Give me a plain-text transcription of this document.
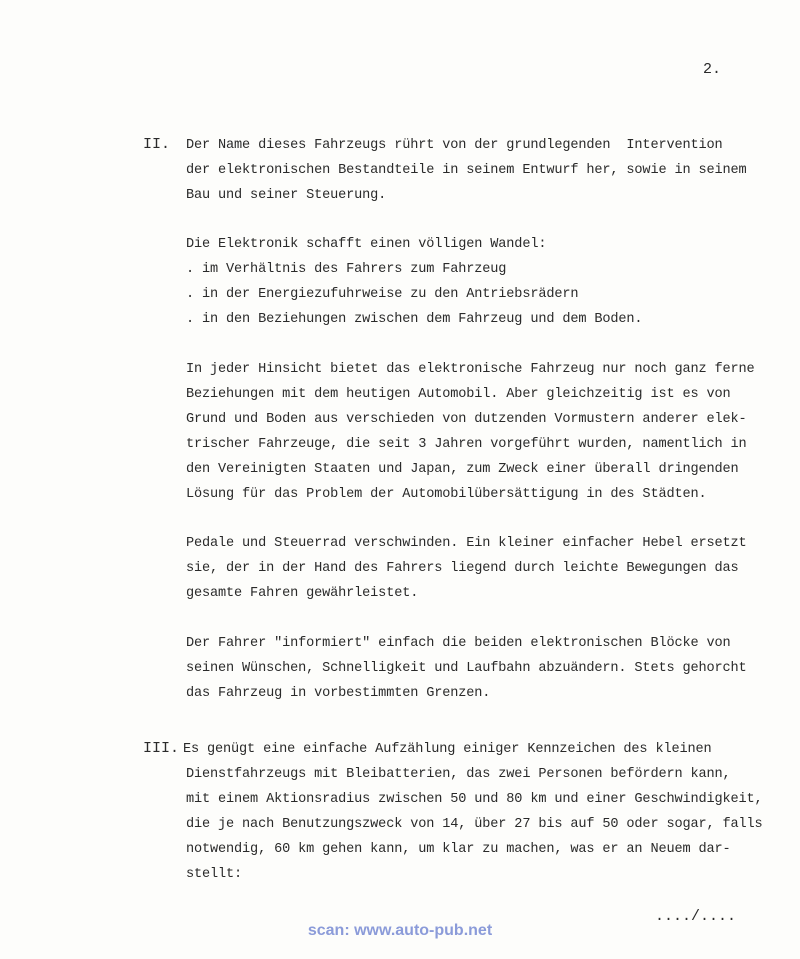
2.
II. Der Name dieses Fahrzeugs rührt von der grundlegenden  Intervention
der elektronischen Bestandteile in seinem Entwurf her, sowie in seinem
Bau und seiner Steuerung.
Die Elektronik schafft einen völligen Wandel:
. im Verhältnis des Fahrers zum Fahrzeug
. in der Energiezufuhrweise zu den Antriebsrädern
. in den Beziehungen zwischen dem Fahrzeug und dem Boden.
In jeder Hinsicht bietet das elektronische Fahrzeug nur noch ganz ferne
Beziehungen mit dem heutigen Automobil. Aber gleichzeitig ist es von
Grund und Boden aus verschieden von dutzenden Vormustern anderer elek-
trischer Fahrzeuge, die seit 3 Jahren vorgeführt wurden, namentlich in
den Vereinigten Staaten und Japan, zum Zweck einer überall dringenden
Lösung für das Problem der Automobilübersättigung in des Städten.
Pedale und Steuerrad verschwinden. Ein kleiner einfacher Hebel ersetzt
sie, der in der Hand des Fahrers liegend durch leichte Bewegungen das
gesamte Fahren gewährleistet.
Der Fahrer "informiert" einfach die beiden elektronischen Blöcke von
seinen Wünschen, Schnelligkeit und Laufbahn abzuändern. Stets gehorcht
das Fahrzeug in vorbestimmten Grenzen.
III. Es genügt eine einfache Aufzählung einiger Kennzeichen des kleinen
Dienstfahrzeugs mit Bleibatterien, das zwei Personen befördern kann,
mit einem Aktionsradius zwischen 50 und 80 km und einer Geschwindigkeit,
die je nach Benutzungszweck von 14, über 27 bis auf 50 oder sogar, falls
notwendig, 60 km gehen kann, um klar zu machen, was er an Neuem dar-
stellt:
..../....
scan: www.auto-pub.net
